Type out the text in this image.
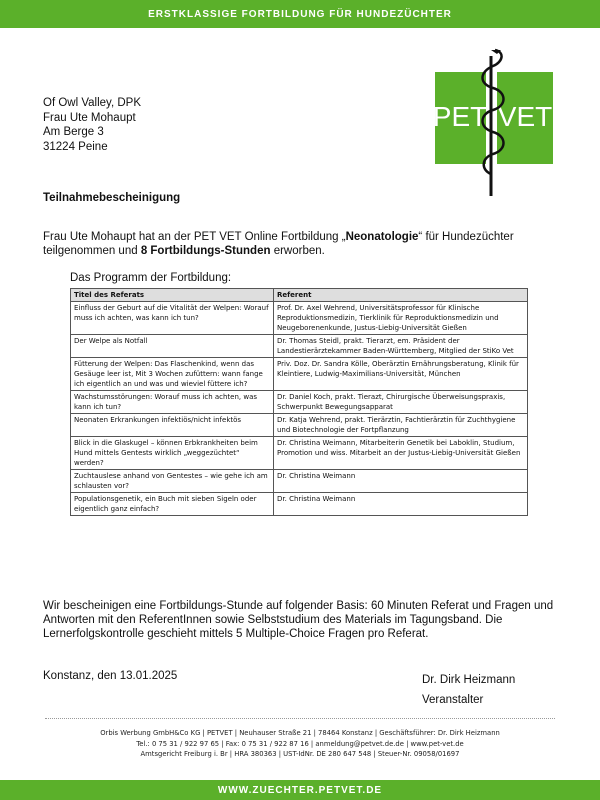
ERSTKLASSIGE FORTBILDUNG FÜR HUNDEZÜCHTER
Of Owl Valley, DPK
Frau Ute Mohaupt
Am Berge 3
31224 Peine
PET VET
Teilnahmebescheinigung
Frau Ute Mohaupt hat an der PET VET Online Fortbildung „Neonatologie“ für Hundezüchter teilgenommen und 8 Fortbildungs-Stunden erworben.
Das Programm der Fortbildung:
Titel des Referats	Referent
Einfluss der Geburt auf die Vitalität der Welpen: Worauf muss ich achten, was kann ich tun?	Prof. Dr. Axel Wehrend, Universitätsprofessor für Klinische Reproduktionsmedizin, Tierklinik für Reproduktionsmedizin und Neugeborenenkunde, Justus-Liebig-Universität Gießen
Der Welpe als Notfall	Dr. Thomas Steidl, prakt. Tierarzt, em. Präsident der Landestierärztekammer Baden-Württemberg, Mitglied der StiKo Vet
Fütterung der Welpen: Das Flaschenkind, wenn das Gesäuge leer ist, Mit 3 Wochen zufüttern: wann fange ich eigentlich an und was und wieviel füttere ich?	Priv. Doz. Dr. Sandra Kölle, Oberärztin Ernährungsberatung, Klinik für Kleintiere, Ludwig-Maximilians-Universität, München
Wachstumsstörungen: Worauf muss ich achten, was kann ich tun?	Dr. Daniel Koch, prakt. Tierazt, Chirurgische Überweisungspraxis, Schwerpunkt Bewegungsapparat
Neonaten Erkrankungen infektiös/nicht infektös	Dr. Katja Wehrend, prakt. Tierärztin, Fachtierärztin für Zuchthygiene und Biotechnologie der Fortpflanzung
Blick in die Glaskugel – können Erbkrankheiten beim Hund mittels Gentests wirklich „weggezüchtet“ werden?	Dr. Christina Weimann, Mitarbeiterin Genetik bei Laboklin, Studium, Promotion und wiss. Mitarbeit an der Justus-Liebig-Universität Gießen
Zuchtauslese anhand von Gentestes – wie gehe ich am schlausten vor?	Dr. Christina Weimann
Populationsgenetik, ein Buch mit sieben Sigeln oder eigentlich ganz einfach?	Dr. Christina Weimann
Wir bescheinigen eine Fortbildungs-Stunde auf folgender Basis: 60 Minuten Referat und Fragen und Antworten mit den ReferentInnen sowie Selbststudium des Materials im Tagungsband. Die Lernerfolgskontrolle geschieht mittels 5 Multiple-Choice Fragen pro Referat.
Konstanz, den 13.01.2025	Dr. Dirk Heizmann
Veranstalter
Orbis Werbung GmbH&Co KG | PETVET | Neuhauser Straße 21 | 78464 Konstanz | Geschäftsführer: Dr. Dirk Heizmann
Tel.: 0 75 31 / 922 97 65 | Fax: 0 75 31 / 922 87 16 | anmeldung@petvet.de.de | www.pet-vet.de
Amtsgericht Freiburg i. Br | HRA 380363 | UST-IdNr. DE 280 647 548 | Steuer-Nr. 09058/01697
WWW.ZUECHTER.PETVET.DE
